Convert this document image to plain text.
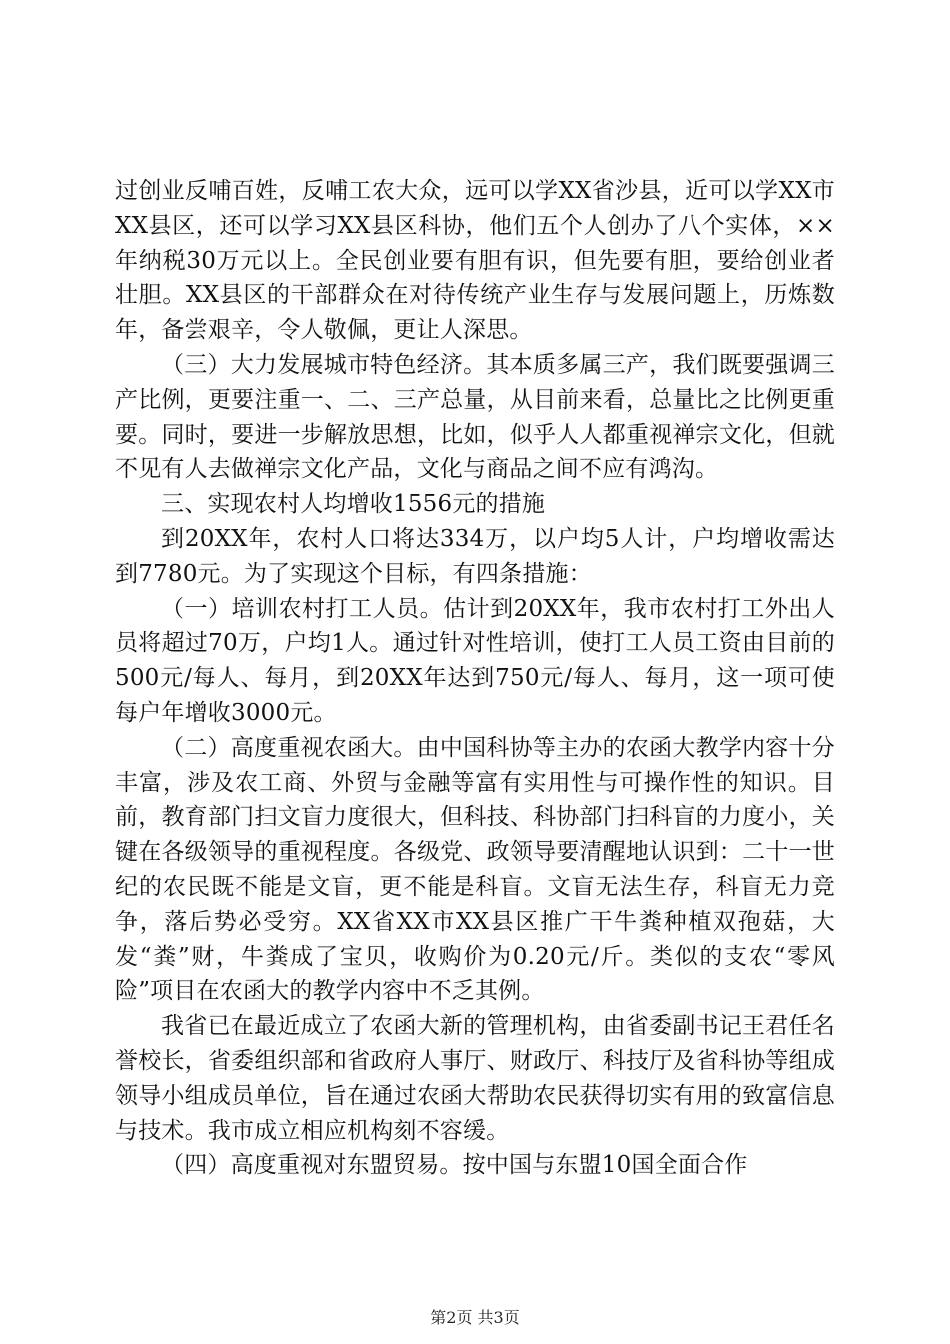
过创业反哺百姓，反哺工农大众，远可以学XX省沙县，近可以学XX市XX县区，还可以学习XX县区科协，他们五个人创办了八个实体，××年纳税30万元以上。全民创业要有胆有识，但先要有胆，要给创业者壮胆。XX县区的干部群众在对待传统产业生存与发展问题上，历炼数年，备尝艰辛，令人敬佩，更让人深思。

（三）大力发展城市特色经济。其本质多属三产，我们既要强调三产比例，更要注重一、二、三产总量，从目前来看，总量比之比例更重要。同时，要进一步解放思想，比如，似乎人人都重视禅宗文化，但就不见有人去做禅宗文化产品，文化与商品之间不应有鸿沟。

三、实现农村人均增收1556元的措施

到20XX年，农村人口将达334万，以户均5人计，户均增收需达到7780元。为了实现这个目标，有四条措施：

（一）培训农村打工人员。估计到20XX年，我市农村打工外出人员将超过70万，户均1人。通过针对性培训，使打工人员工资由目前的500元/每人、每月，到20XX年达到750元/每人、每月，这一项可使每户年增收3000元。

（二）高度重视农函大。由中国科协等主办的农函大教学内容十分丰富，涉及农工商、外贸与金融等富有实用性与可操作性的知识。目前，教育部门扫文盲力度很大，但科技、科协部门扫科盲的力度小，关键在各级领导的重视程度。各级党、政领导要清醒地认识到：二十一世纪的农民既不能是文盲，更不能是科盲。文盲无法生存，科盲无力竞争，落后势必受穷。XX省XX市XX县区推广干牛粪种植双孢菇，大发“粪”财，牛粪成了宝贝，收购价为0.20元/斤。类似的支农“零风险”项目在农函大的教学内容中不乏其例。

我省已在最近成立了农函大新的管理机构，由省委副书记王君任名誉校长，省委组织部和省政府人事厅、财政厅、科技厅及省科协等组成领导小组成员单位，旨在通过农函大帮助农民获得切实有用的致富信息与技术。我市成立相应机构刻不容缓。

（四）高度重视对东盟贸易。按中国与东盟10国全面合作

第2页 共3页
